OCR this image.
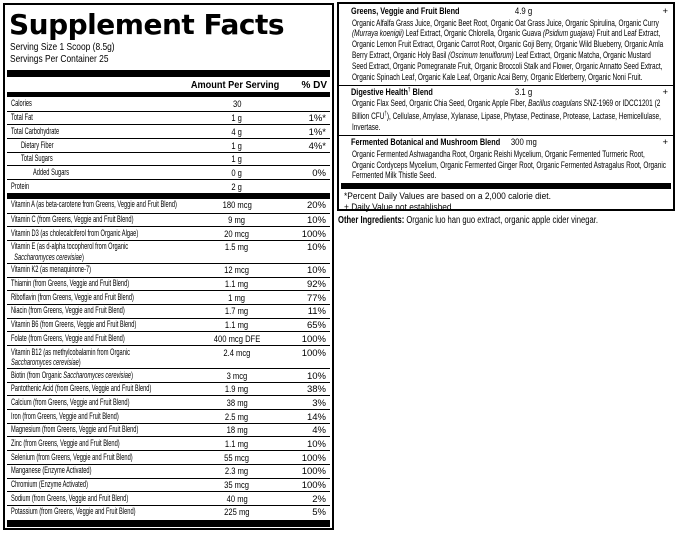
Supplement Facts
Serving Size 1 Scoop (8.5g)
Servings Per Container 25
Amount Per Serving	% DV
Calories	30
Total Fat	1 g	1%*
Total Carbohydrate	4 g	1%*
Dietary Fiber	1 g	4%*
Total Sugars	1 g
Added Sugars	0 g	0%
Protein	2 g
Vitamin A (as beta-carotene from Greens, Veggie and Fruit Blend)	180 mcg	20%
Vitamin C (from Greens, Veggie and Fruit Blend)	9 mg	10%
Vitamin D3 (as cholecalciferol from Organic Algae)	20 mcg	100%
Vitamin E (as d-alpha tocopherol from Organic
Saccharomyces cerevisiae)
1.5 mg	10%
Vitamin K2 (as menaquinone-7)	12 mcg	10%
Thiamin (from Greens, Veggie and Fruit Blend)	1.1 mg	92%
Riboflavin (from Greens, Veggie and Fruit Blend)	1 mg	77%
Niacin (from Greens, Veggie and Fruit Blend)	1.7 mg	11%
Vitamin B6 (from Greens, Veggie and Fruit Blend)	1.1 mg	65%
Folate (from Greens, Veggie and Fruit Blend)	400 mcg DFE	100%
Vitamin B12 (as methylcobalamin from Organic
Saccharomyces cerevisiae)
2.4 mcg	100%
Biotin (from Organic Saccharomyces cerevisiae)	3 mcg	10%
Pantothenic Acid (from Greens, Veggie and Fruit Blend)	1.9 mg	38%
Calcium (from Greens, Veggie and Fruit Blend)	38 mg	3%
Iron (from Greens, Veggie and Fruit Blend)	2.5 mg	14%
Magnesium (from Greens, Veggie and Fruit Blend)	18 mg	4%
Zinc (from Greens, Veggie and Fruit Blend)	1.1 mg	10%
Selenium (from Greens, Veggie and Fruit Blend)	55 mcg	100%
Manganese (Enzyme Activated)	2.3 mg	100%
Chromium (Enzyme Activated)	35 mcg	100%
Sodium (from Greens, Veggie and Fruit Blend)	40 mg	2%
Potassium (from Greens, Veggie and Fruit Blend)	225 mg	5%
Greens, Veggie and Fruit Blend	4.9 g	+
Organic Alfalfa Grass Juice, Organic Beet Root, Organic Oat Grass Juice, Organic Spirulina, Organic Curry (Murraya koenigii) Leaf Extract, Organic Chlorella, Organic Guava (Psidium guajava) Fruit and Leaf Extract, Organic Lemon Fruit Extract, Organic Carrot Root, Organic Goji Berry, Organic Wild Blueberry, Organic Amla Berry Extract, Organic Holy Basil (Oscimum tenuiflorum) Leaf Extract, Organic Matcha, Organic Mustard Seed Extract, Organic Pomegranate Fruit, Organic Broccoli Stalk and Flower, Organic Annatto Seed Extract, Organic Spinach Leaf, Organic Kale Leaf, Organic Acai Berry, Organic Elderberry, Organic Noni Fruit.
Digestive Health† Blend	3.1 g	+
Organic Flax Seed, Organic Chia Seed, Organic Apple Fiber, Bacillus coagulans SNZ-1969 or IDCC1201 (2 Billion CFU†), Cellulase, Amylase, Xylanase, Lipase, Phytase, Pectinase, Protease, Lactase, Hemicellulase, Invertase.
Fermented Botanical and Mushroom Blend	300 mg	+
Organic Fermented Ashwagandha Root, Organic Reishi Mycelium, Organic Fermented Turmeric Root, Organic Cordyceps Mycelium, Organic Fermented Ginger Root, Organic Fermented Astragalus Root, Organic Fermented Milk Thistle Seed.
*Percent Daily Values are based on a 2,000 calorie diet.
+ Daily Value not established.
Other Ingredients: Organic luo han guo extract, organic apple cider vinegar.
